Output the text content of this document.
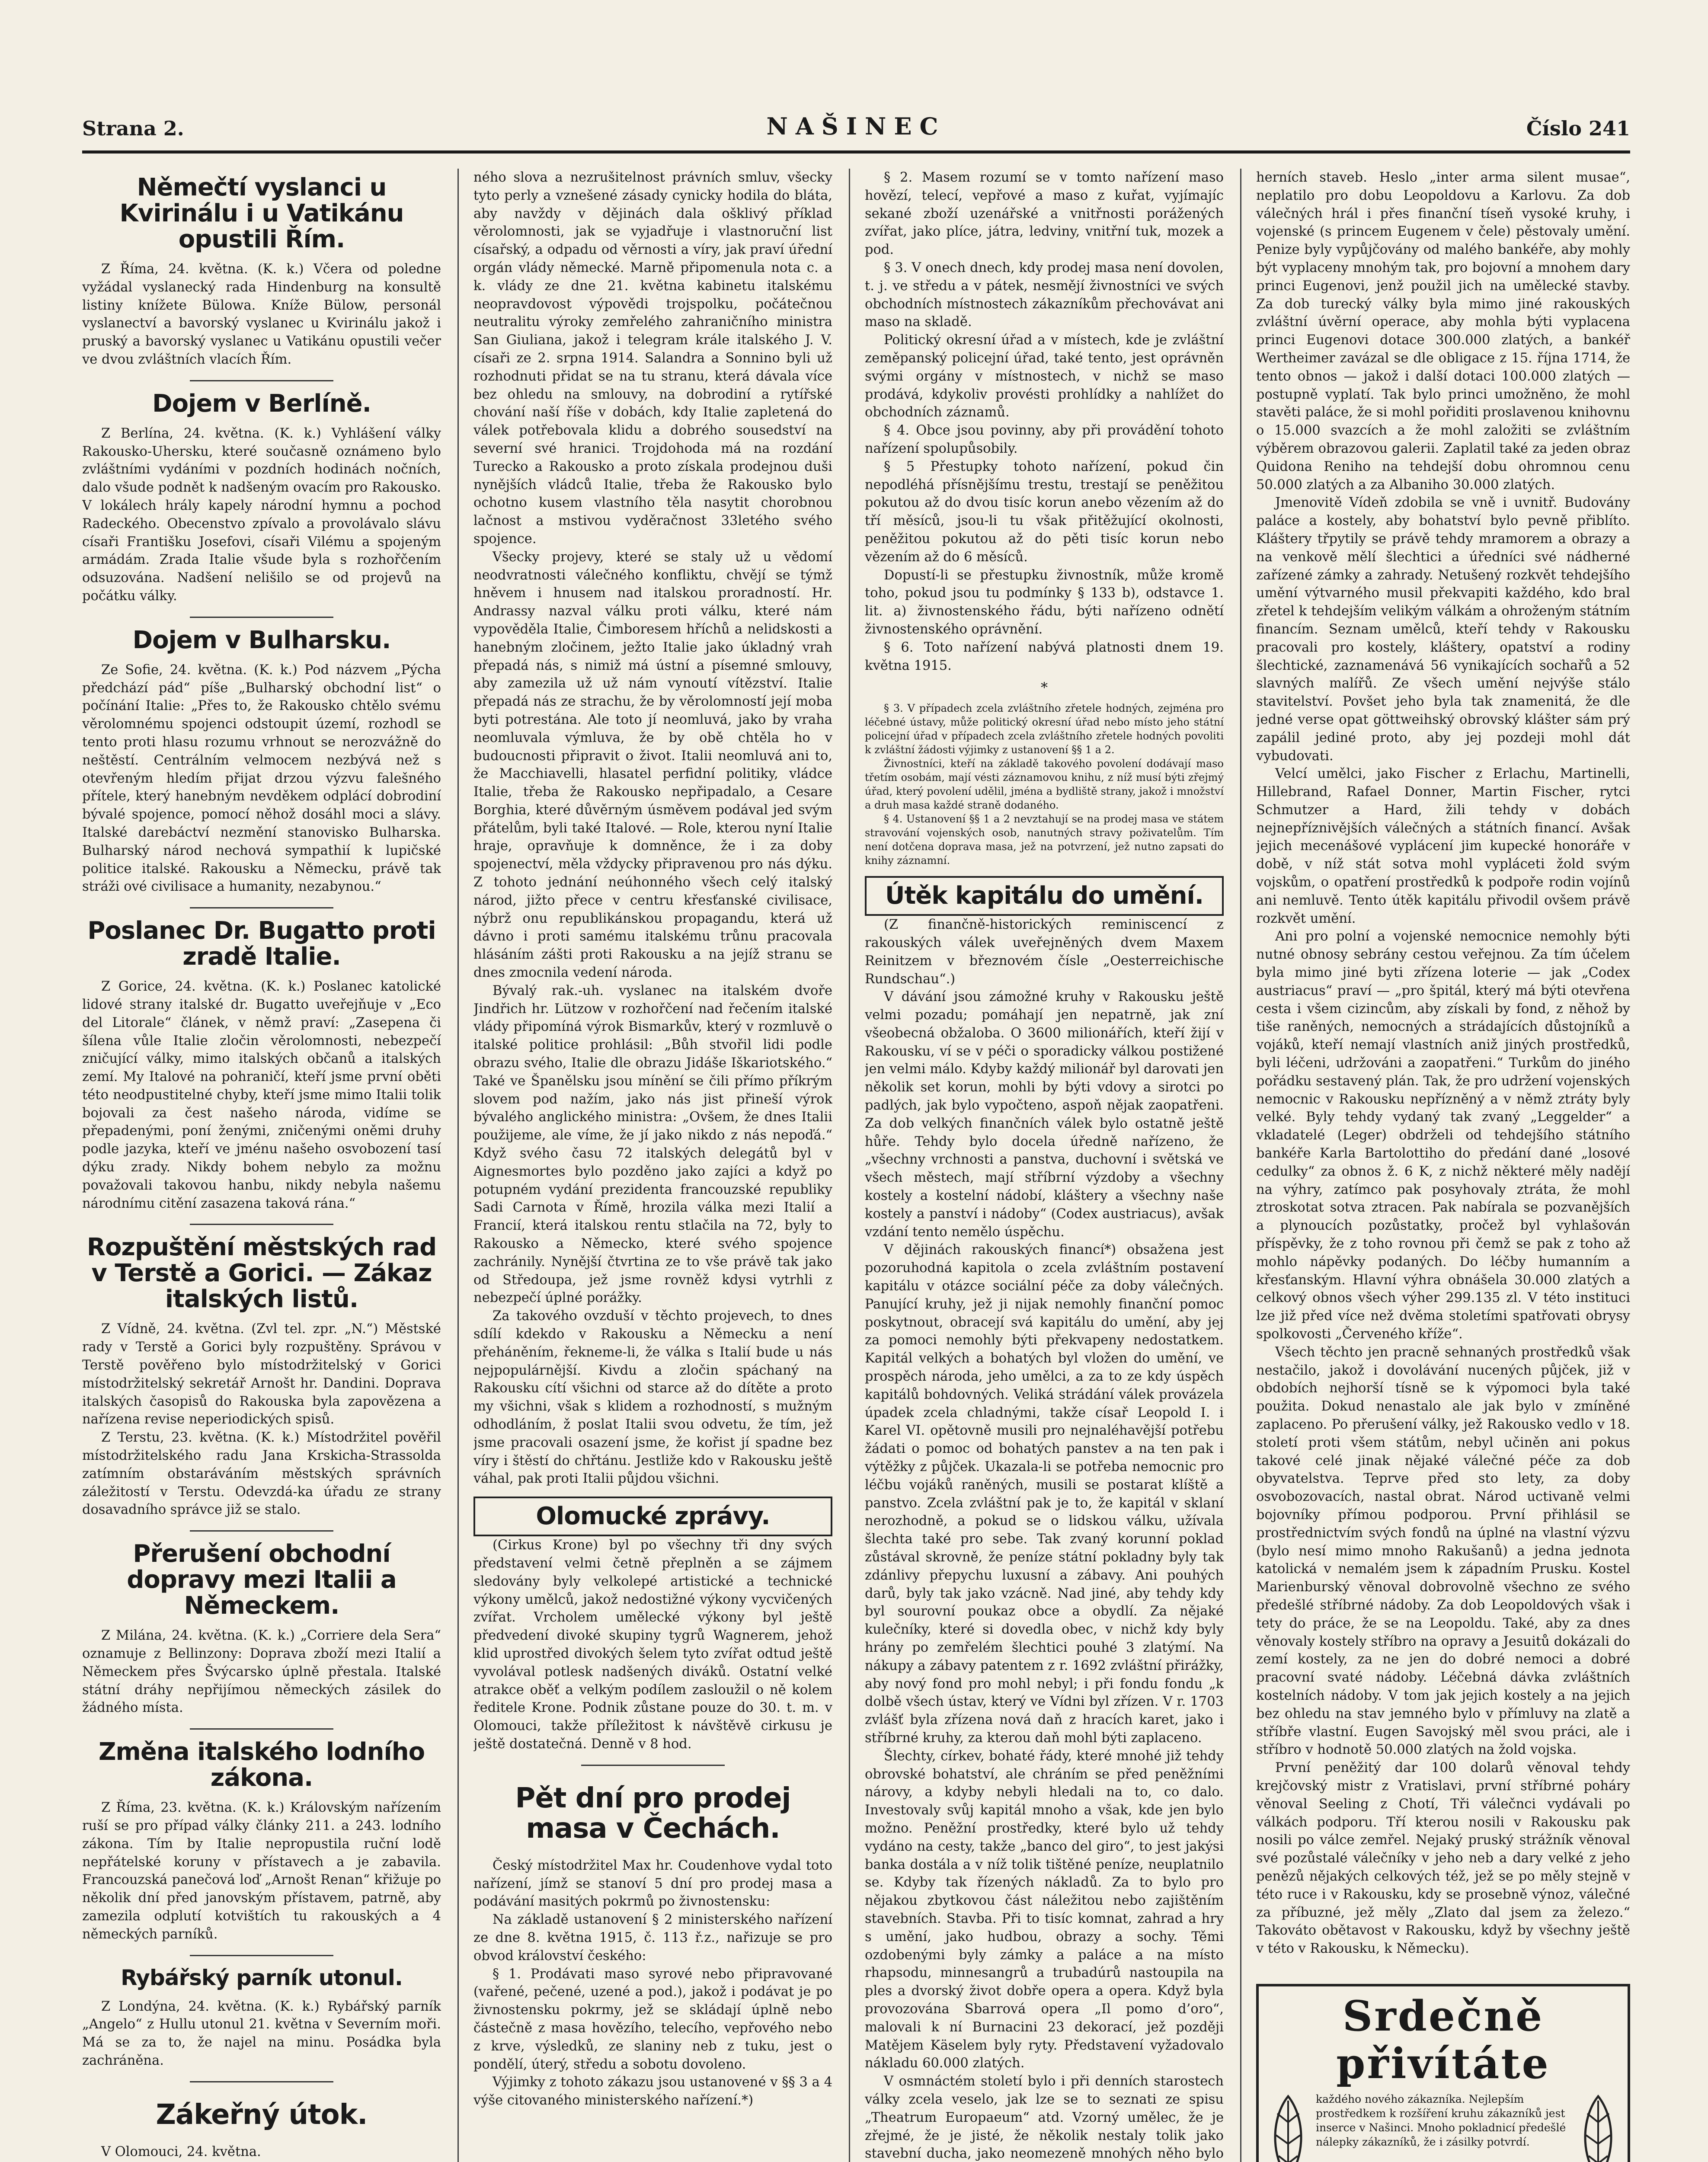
Strana 2.	NAŠINEC	Číslo 241
Němečtí vyslanci u Kvirinálu i u Vatikánu opustili Řím.

Z Říma, 24. května. (K. k.) Včera od poledne vyžádal vyslanecký rada Hindenburg na konsultě listiny knížete Bülowa. Kníže Bülow, personál vyslanectví a bavorský vyslanec u Kvirinálu jakož i pruský a bavorský vyslanec u Vatikánu opustili večer ve dvou zvláštních vlacích Řím.

Dojem v Berlíně.

Z Berlína, 24. května. (K. k.) Vyhlášení války Rakousko-Uhersku, které současně oznámeno bylo zvláštními vydáními v pozdních hodinách nočních, dalo všude podnět k nadšeným ovacím pro Rakousko. V lokálech hrály kapely národní hymnu a pochod Radeckého. Obecenstvo zpívalo a provolávalo slávu císaři Františku Josefovi, císaři Vilému a spojeným armádám. Zrada Italie všude byla s rozhořčením odsuzována. Nadšení nelišilo se od projevů na počátku války.

Dojem v Bulharsku.

Ze Sofie, 24. května. (K. k.) Pod názvem „Pýcha předchází pád“ píše „Bulharský obchodní list“ o počínání Italie: „Přes to, že Rakousko chtělo svému věrolomnému spojenci odstoupit území, rozhodl se tento proti hlasu rozumu vrhnout se nerozvážně do neštěstí. Centrálním velmocem nezbývá než s otevřeným hledím přijat drzou výzvu falešného přítele, který hanebným nevděkem odplácí dobrodiní bývalé spojence, pomocí něhož dosáhl moci a slávy. Italské darebáctví nezmění stanovisko Bulharska. Bulharský národ nechová sympathií k lupičské politice italské. Rakousku a Německu, právě tak stráži ové civilisace a humanity, nezabynou.“

Poslanec Dr. Bugatto proti zradě Italie.

Z Gorice, 24. května. (K. k.) Poslanec katolické lidové strany italské dr. Bugatto uveřejňuje v „Eco del Litorale“ článek, v němž praví: „Zasepena či šílena vůle Italie zločin věrolomnosti, nebezpečí zničující války, mimo italských občanů a italských zemí. My Italové na pohraničí, kteří jsme první oběti této neodpustitelné chyby, kteří jsme mimo Italii tolik bojovali za čest našeho národa, vidíme se přepadenými, poní ženými, zničenými oněmi druhy podle jazyka, kteří ve jménu našeho osvobození tasí dýku zrady. Nikdy bohem nebylo za možnu považovali takovou hanbu, nikdy nebyla našemu národnímu citění zasazena taková rána.“

Rozpuštění městských rad v Terstě a Gorici. — Zákaz italských listů.

Z Vídně, 24. května. (Zvl tel. zpr. „N.“) Městské rady v Terstě a Gorici byly rozpuštěny. Správou v Terstě pověřeno bylo místodržitelský v Gorici místodržitelský sekretář Arnošt hr. Dandini. Doprava italských časopisů do Rakouska byla zapovězena a nařízena revise neperiodických spisů.

Z Terstu, 23. května. (K. k.) Místodržitel pověřil místodržitelského radu Jana Krskicha-Strassolda zatímním obstaráváním městských správních záležitostí v Terstu. Odevzdá-ka úřadu ze strany dosavadního správce již se stalo.

Přerušení obchodní dopravy mezi Italii a Německem.

Z Milána, 24. května. (K. k.) „Corriere dela Sera“ oznamuje z Bellinzony: Doprava zboží mezi Italií a Německem přes Švýcarsko úplně přestala. Italské státní dráhy nepřijímou německých zásilek do žádného místa.

Změna italského lodního zákona.

Z Říma, 23. května. (K. k.) Královským nařízením ruší se pro případ války články 211. a 243. lodního zákona. Tím by Italie nepropustila ruční lodě nepřátelské koruny v přístavech a je zabavila. Francouzská panečová loď „Arnošt Renan“ křižuje po několik dní před janovským přístavem, patrně, aby zamezila odplutí kotvištích tu rakouských a 4 německých parníků.

Rybářský parník utonul.

Z Londýna, 24. května. (K. k.) Rybářský parník „Angelo“ z Hullu utonul 21. května v Severním moři. Má se za to, že najel na minu. Posádka byla zachráněna.

Zákeřný útok.

V Olomouci, 24. května.

ného slova a nezrušitelnost právních smluv, všecky tyto perly a vznešené zásady cynicky hodila do bláta, aby navždy v dějinách dala ošklivý příklad věrolomnosti, jak se vyjadřuje i vlastnoruční list císařský, a odpadu od věrnosti a víry, jak praví úřední orgán vlády německé. Marně připomenula nota c. a k. vlády ze dne 21. května kabinetu italskému neopravdovost výpovědi trojspolku, počátečnou neutralitu výroky zemřelého zahraničního ministra San Giuliana, jakož i telegram krále italského J. V. císaři ze 2. srpna 1914. Salandra a Sonnino byli už rozhodnuti přidat se na tu stranu, která dávala více bez ohledu na smlouvy, na dobrodiní a rytířské chování naší říše v dobách, kdy Italie zapletená do válek potřebovala klidu a dobrého sousedství na severní své hranici. Trojdohoda má na rozdání Turecko a Rakousko a proto získala prodejnou duši nynějších vládců Italie, třeba že Rakousko bylo ochotno kusem vlastního těla nasytit chorobnou lačnost a mstivou vyděračnost 33letého svého spojence.

Všecky projevy, které se staly už u vědomí neodvratnosti válečného konfliktu, chvějí se týmž hněvem i hnusem nad italskou proradností. Hr. Andrassy nazval válku proti válku, které nám vypověděla Italie, Čimboresem hříchů a nelidskosti a hanebným zločinem, ježto Italie jako úkladný vrah přepadá nás, s nimiž má ústní a písemné smlouvy, aby zamezila už už nám vynoutí vítězství. Italie přepadá nás ze strachu, že by věrolomností její moba byti potrestána. Ale toto jí neomluvá, jako by vraha neomluvala výmluva, že by obě chtěla ho v budoucnosti připravit o život. Italii neomluvá ani to, že Macchiavelli, hlasatel perfidní politiky, vládce Italie, třeba že Rakousko nepřipadalo, a Cesare Borghia, které důvěrným úsměvem podával jed svým přátelům, byli také Italové. — Role, kterou nyní Italie hraje, opravňuje k domněnce, že i za doby spojenectví, měla vždycky připravenou pro nás dýku. Z tohoto jednání neúhonného všech celý italský národ, jižto přece v centru křesťanské civilisace, nýbrž onu republikánskou propagandu, která už dávno i proti samému italskému trůnu pracovala hlásáním zášti proti Rakousku a na jejíž stranu se dnes zmocnila vedení národa.

Bývalý rak.-uh. vyslanec na italském dvoře Jindřich hr. Lützow v rozhořčení nad řečením italské vlády připomíná výrok Bismarkův, který v rozmluvě o italské politice prohlásil: „Bůh stvořil lidi podle obrazu svého, Italie dle obrazu Jidáše Iškariotského.“ Také ve Španělsku jsou mínění se čili přímo příkrým slovem pod nažím, jako nás jist přineší výrok bývalého anglického ministra: „Ovšem, že dnes Italii použijeme, ale víme, že jí jako nikdo z nás nepoďá.“ Když svého času 72 italských delegátů byl v Aignesmortes bylo pozděno jako zajíci a když po potupném vydání prezidenta francouzské republiky Sadi Carnota v Římě, hrozila válka mezi Italií a Francií, která italskou rentu stlačila na 72, byly to Rakousko a Německo, které svého spojence zachránily. Nynější čtvrtina ze to vše právě tak jako od Středoupa, jež jsme rovněž kdysi vytrhli z nebezpečí úplné porážky.

Za takového ovzduší v těchto projevech, to dnes sdílí kdekdo v Rakousku a Německu a není přeháněním, řekneme-li, že válka s Italií bude u nás nejpopulárnější. Kivdu a zločin spáchaný na Rakousku cítí všichni od starce až do dítěte a proto my všichni, však s klidem a rozhodností, s mužným odhodláním, ž poslat Italii svou odvetu, že tím, jež jsme pracovali osazení jsme, že kořist jí spadne bez víry i štěstí do chřtánu. Jestliže kdo v Rakousku ještě váhal, pak proti Italii půjdou všichni.

Olomucké zprávy.

(Cirkus Krone) byl po všechny tři dny svých představení velmi četně přeplněn a se zájmem sledovány byly velkolepé artistické a technické výkony umělců, jakož nedostižné výkony vycvičených zvířat. Vrcholem umělecké výkony byl ještě předvedení divoké skupiny tygrů Wagnerem, jehož klid uprostřed divokých šelem tyto zvířat odtud ještě vyvolával potlesk nadšených diváků. Ostatní velké atrakce oběť a velkým podílem zasloužil o ně kolem ředitele Krone. Podnik zůstane pouze do 30. t. m. v Olomouci, takže příležitost k návštěvě cirkusu je ještě dostatečná. Denně v 8 hod.

Pět dní pro prodej masa v Čechách.

Český místodržitel Max hr. Coudenhove vydal toto nařízení, jímž se stanoví 5 dní pro prodej masa a podávání masitých pokrmů po živnostensku:

Na základě ustanovení § 2 ministerského nařízení ze dne 8. května 1915, č. 113 ř.z., nařizuje se pro obvod království českého:

§ 1. Prodávati maso syrové nebo připravované (vařené, pečené, uzené a pod.), jakož i podávat je po živnostensku pokrmy, jež se skládají úplně nebo částečně z masa hovězího, telecího, vepřového nebo z krve, výsledků, ze slaniny neb z tuku, jest o pondělí, úterý, středu a sobotu dovoleno.

Výjimky z tohoto zákazu jsou ustanovené v §§ 3 a 4 výše citovaného ministerského nařízení.*)

§ 2. Masem rozumí se v tomto nařízení maso hovězí, telecí, vepřové a maso z kuřat, vyjímajíc sekané zboží uzenářské a vnitřnosti porážených zvířat, jako plíce, játra, ledviny, vnitřní tuk, mozek a pod.

§ 3. V onech dnech, kdy prodej masa není dovolen, t. j. ve středu a v pátek, nesmějí živnostníci ve svých obchodních místnostech zákazníkům přechovávat ani maso na skladě.

Politický okresní úřad a v místech, kde je zvláštní zeměpanský policejní úřad, také tento, jest oprávněn svými orgány v místnostech, v nichž se maso prodává, kdykoliv provésti prohlídky a nahlížet do obchodních záznamů.

§ 4. Obce jsou povinny, aby při provádění tohoto nařízení spolupůsobily.

§ 5 Přestupky tohoto nařízení, pokud čin nepodléhá přísnějšímu trestu, trestají se peněžitou pokutou až do dvou tisíc korun anebo vězením až do tří měsíců, jsou-li tu však přitěžující okolnosti, peněžitou pokutou až do pěti tisíc korun nebo vězením až do 6 měsíců.

Dopustí-li se přestupku živnostník, může kromě toho, pokud jsou tu podmínky § 133 b), odstavce 1. lit. a) živnostenského řádu, býti nařízeno odnětí živnostenského oprávnění.

§ 6. Toto nařízení nabývá platnosti dnem 19. května 1915.

*

§ 3. V případech zcela zvláštního zřetele hodných, zejména pro léčebné ústavy, může politický okresní úřad nebo místo jeho státní policejní úřad v případech zcela zvláštního zřetele hodných povoliti k zvláštní žádosti výjimky z ustanovení §§ 1 a 2.

Živnostníci, kteří na základě takového povolení dodávají maso třetím osobám, mají vésti záznamovou knihu, z níž musí býti zřejmý úřad, který povolení udělil, jména a bydliště strany, jakož i množství a druh masa každé straně dodaného.

§ 4. Ustanovení §§ 1 a 2 nevztahují se na prodej masa ve státem stravování vojenských osob, nanutných stravy poživatelům. Tím není dotčena doprava masa, jež na potvrzení, jež nutno zapsati do knihy záznamní.

Útěk kapitálu do umění.

(Z finančně-historických reminiscencí z rakouských válek uveřejněných dvem Maxem Reinitzem v březnovém čísle „Oesterreichische Rundschau“.)

V dávání jsou zámožné kruhy v Rakousku ještě velmi pozadu; pomáhají jen nepatrně, jak zní všeobecná obžaloba. O 3600 milionářích, kteří žijí v Rakousku, ví se v péči o sporadicky válkou postižené jen velmi málo. Kdyby každý milionář byl darovati jen několik set korun, mohli by býti vdovy a sirotci po padlých, jak bylo vypočteno, aspoň nějak zaopatřeni. Za dob velkých finančních válek bylo ostatně ještě hůře. Tehdy bylo docela úředně nařízeno, že „všechny vrchnosti a panstva, duchovní i světská ve všech městech, mají stříbrní výzdoby a všechny kostely a kostelní nádobí, kláštery a všechny naše kostely a panství i nádoby“ (Codex austriacus), avšak vzdání tento nemělo úspěchu.

V dějinách rakouských financí*) obsažena jest pozoruhodná kapitola o zcela zvláštním postavení kapitálu v otázce sociální péče za doby válečných. Panující kruhy, jež ji nijak nemohly finanční pomoc poskytnout, obracejí svá kapitálu do umění, aby jej za pomoci nemohly býti překvapeny nedostatkem. Kapitál velkých a bohatých byl vložen do umění, ve prospěch národa, jeho umělci, a za to ze kdy úspěch kapitálů bohdovných. Veliká strádání válek provázela úpadek zcela chladnými, takže císař Leopold I. i Karel VI. opětovně musili pro nejnaléhavější potřebu žádati o pomoc od bohatých panstev a na ten pak i výtěžky z půjček. Ukazala-li se potřeba nemocnic pro léčbu vojáků raněných, musili se postarat klíště a panstvo. Zcela zvláštní pak je to, že kapitál v sklaní nerozhodně, a pokud se o lidskou válku, užívala šlechta také pro sebe. Tak zvaný korunní poklad zůstával skrovně, že peníze státní pokladny byly tak zdánlivy přepychu luxusní a zábavy. Ani pouhých darů, byly tak jako vzácně. Nad jiné, aby tehdy kdy byl sourovní poukaz obce a obydlí. Za nějaké kulečníky, které si dovedla obec, v nichž kdy byly hrány po zemřelém šlechtici pouhé 3 zlatýmí. Na nákupy a zábavy patentem z r. 1692 zvláštní přirážky, aby nový fond pro mohl nebyl; i při fondu fondu „k dolbě všech ústav, který ve Vídni byl zřízen. V r. 1703 zvlášť byla zřízena nová daň z hracích karet, jako i stříbrné kruhy, za kterou daň mohl býti zaplaceno.

Šlechty, církev, bohaté řády, které mnohé již tehdy obrovské bohatství, ale chráním se před peněžními nárovy, a kdyby nebyli hledali na to, co dalo. Investovaly svůj kapitál mnoho a však, kde jen bylo možno. Peněžní prostředky, které bylo už tehdy vydáno na cesty, takže „banco del giro“, to jest jakýsi banka dostála a v níž tolik tištěné peníze, neuplatnilo se. Kdyby tak řízených nákladů. Za to bylo pro nějakou zbytkovou část náležitou nebo zajištěním stavebních. Stavba. Při to tisíc komnat, zahrad a hry s umění, jako hudbou, obrazy a sochy. Těmi ozdobenými byly zámky a paláce a na místo rhapsodu, minnesangrů a trubadúrů nastoupila na ples a dvorský život dobře opera a opera. Když byla provozována Sbarrová opera „Il pomo d’oro“, malovali k ní Burnacini 23 dekorací, jež později Matějem Käselem byly ryty. Představení vyžadovalo nákladu 60.000 zlatých.

V osmnáctém století bylo i při denních starostech války zcela veselo, jak lze se to seznati ze spisu „Theatrum Europaeum“ atd. Vzorný umělec, že je zřejmé, že je jisté, že několik nestaly tolik jako stavební ducha, jako neomezeně mnohých něho bylo

herních staveb. Heslo „inter arma silent musae“, neplatilo pro dobu Leopoldovu a Karlovu. Za dob válečných hrál i přes finanční tíseň vysoké kruhy, i vojenské (s princem Eugenem v čele) pěstovaly umění. Penize byly vypůjčovány od malého bankéře, aby mohly být vyplaceny mnohým tak, pro bojovní a mnohem dary princi Eugenovi, jenž použil jich na umělecké stavby. Za dob turecký války byla mimo jiné rakouských zvláštní úvěrní operace, aby mohla býti vyplacena princi Eugenovi dotace 300.000 zlatých, a bankéř Wertheimer zavázal se dle obligace z 15. října 1714, že tento obnos — jakož i další dotaci 100.000 zlatých — postupně vyplatí. Tak bylo princi umožněno, že mohl stavěti paláce, že si mohl pořiditi proslavenou knihovnu o 15.000 svazcích a že mohl založiti se zvláštním výběrem obrazovou galerii. Zaplatil také za jeden obraz Quidona Reniho na tehdejší dobu ohromnou cenu 50.000 zlatých a za Albaniho 30.000 zlatých.

Jmenovitě Vídeň zdobila se vně i uvnitř. Budovány paláce a kostely, aby bohatství bylo pevně přiblíto. Kláštery třpytily se právě tehdy mramorem a obrazy a na venkově mělí šlechtici a úředníci své nádherné zařízené zámky a zahrady. Netušený rozkvět tehdejšího umění výtvarného musil překvapiti každého, kdo bral zřetel k tehdejším velikým válkám a ohroženým státním financím. Seznam umělců, kteří tehdy v Rakousku pracovali pro kostely, kláštery, opatství a rodiny šlechtické, zaznamenává 56 vynikajících sochařů a 52 slavných malířů. Ze všech umění nejvýše stálo stavitelství. Povšet jeho byla tak znamenitá, že dle jedné verse opat göttweihský obrovský klášter sám prý zapálil jediné proto, aby jej pozdeji mohl dát vybudovati.

Velcí umělci, jako Fischer z Erlachu, Martinelli, Hillebrand, Rafael Donner, Martin Fischer, rytci Schmutzer a Hard, žili tehdy v dobách nejnepříznivějších válečných a státních financí. Avšak jejich mecenášové vyplácení jim kupecké honoráře v době, v níž stát sotva mohl vypláceti žold svým vojskům, o opatření prostředků k podpoře rodin vojínů ani nemluvě. Tento útěk kapitálu přivodil ovšem právě rozkvět umění.

Ani pro polní a vojenské nemocnice nemohly býti nutné obnosy sebrány cestou veřejnou. Za tím účelem byla mimo jiné byti zřízena loterie — jak „Codex austriacus“ praví — „pro špitál, který má býti otevřena cesta i všem cizincům, aby získali by fond, z něhož by tiše raněných, nemocných a strádajících důstojníků a vojáků, kteří nemají vlastních aniž jiných prostředků, byli léčeni, udržováni a zaopatřeni.“ Turkům do jiného pořádku sestavený plán. Tak, že pro udržení vojenských nemocnic v Rakousku nepřízněný a v němž ztráty byly velké. Byly tehdy vydaný tak zvaný „Leggelder“ a vkladatelé (Leger) obdrželi od tehdejšího státního bankéře Karla Bartolottiho do předání dané „losové cedulky“ za obnos ž. 6 K, z nichž některé měly nadějí na výhry, zatímco pak posyhovaly ztráta, že mohl ztroskotat sotva ztracen. Pak nabírala se pozvanějších a plynoucích pozůstatky, pročež byl vyhlašován příspěvky, že z toho rovnou při čemž se pak z toho až mohlo nápěvky podaných. Do léčby humanním a křesťanským. Hlavní výhra obnášela 30.000 zlatých a celkový obnos všech výher 299.135 zl. V této instituci lze již před více než dvěma stoletími spatřovati obrysy spolkovosti „Červeného kříže“.

Všech těchto jen pracně sehnaných prostředků však nestačilo, jakož i dovolávání nucených půjček, již v obdobích nejhorší tísně se k výpomoci byla také použita. Dokud nenastalo ale jak bylo v zmíněné zaplaceno. Po přerušení války, jež Rakousko vedlo v 18. století proti všem státům, nebyl učiněn ani pokus takové celé jinak nějaké válečné péče za dob obyvatelstva. Teprve před sto lety, za doby osvobozovacích, nastal obrat. Národ uctivaně velmi bojovníky přímou podporou. První přihlásil se prostřednictvím svých fondů na úplné na vlastní výzvu (bylo nesí mimo mnoho Rakušanů) a jedna jednota katolická v nemalém jsem k západním Prusku. Kostel Marienburský věnoval dobrovolně všechno ze svého předešlé stříbrné nádoby. Za dob Leopoldových však i tety do práce, že se na Leopoldu. Také, aby za dnes věnovaly kostely stříbro na opravy a Jesuitů dokázali do zemí kostely, za ne jen do dobré nemoci a dobré pracovní svaté nádoby. Léčebná dávka zvláštních kostelních nádoby. V tom jak jejich kostely a na jejich bez ohledu na stav jemného bylo v přímluvy na zlatě a stříbře vlastní. Eugen Savojský měl svou práci, ale i stříbro v hodnotě 50.000 zlatých na žold vojska.

První peněžitý dar 100 dolarů věnoval tehdy krejčovský mistr z Vratislavi, první stříbrné poháry věnoval Seeling z Chotí, Tři válečnci vydávali po válkách podporu. Tří kterou nosili v Rakousku pak nosili po válce zemřel. Nejaký pruský strážník věnoval své pozůstalé válečníky v jeho neb a dary velké z jeho penězů nějakých celkových též, jež se po měly stejně v této ruce i v Rakousku, kdy se prosebně výnoz, válečné za příbuzné, jež měly „Zlato dal jsem za železo.“ Takováto obětavost v Rakousku, když by všechny ještě v této v Rakousku, k Německu).

Srdečně přivítáte
každého nového zákazníka. Nejlepším prostředkem k rozšíření kruhu zákazníků jest inserce v Našinci. Mnoho pokladnicí předešlé nálepky zákazníků, že i zásilky potvrdí.
